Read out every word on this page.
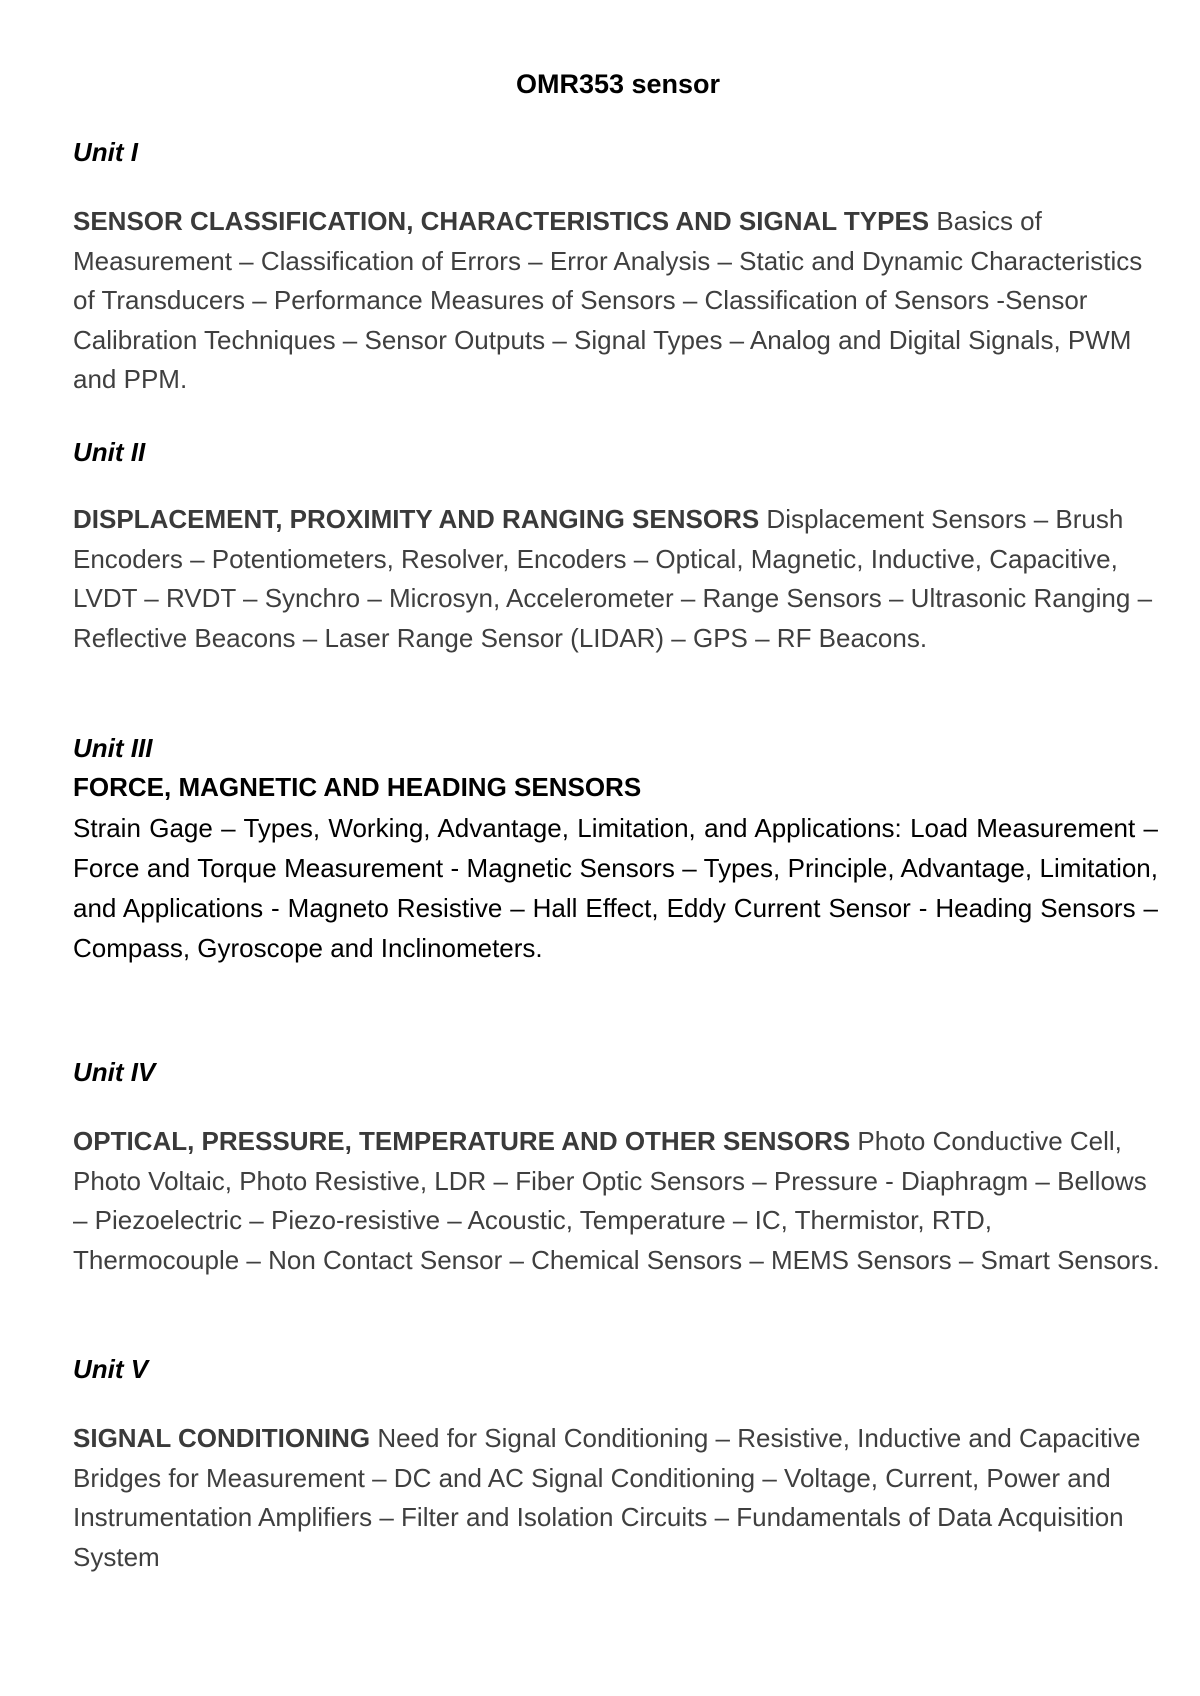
OMR353 sensor
Unit I

SENSOR CLASSIFICATION, CHARACTERISTICS AND SIGNAL TYPES Basics of Measurement – Classification of Errors – Error Analysis – Static and Dynamic Characteristics of Transducers – Performance Measures of Sensors – Classification of Sensors -Sensor Calibration Techniques – Sensor Outputs – Signal Types – Analog and Digital Signals, PWM and PPM.

Unit II

DISPLACEMENT, PROXIMITY AND RANGING SENSORS Displacement Sensors – Brush Encoders – Potentiometers, Resolver, Encoders – Optical, Magnetic, Inductive, Capacitive, LVDT – RVDT – Synchro – Microsyn, Accelerometer – Range Sensors – Ultrasonic Ranging – Reflective Beacons – Laser Range Sensor (LIDAR) – GPS – RF Beacons.

Unit III
FORCE, MAGNETIC AND HEADING SENSORS

Strain Gage – Types, Working, Advantage, Limitation, and Applications: Load Measurement – Force and Torque Measurement - Magnetic Sensors – Types, Principle, Advantage, Limitation, and Applications - Magneto Resistive – Hall Effect, Eddy Current Sensor - Heading Sensors – Compass, Gyroscope and Inclinometers.

Unit IV

OPTICAL, PRESSURE, TEMPERATURE AND OTHER SENSORS Photo Conductive Cell, Photo Voltaic, Photo Resistive, LDR – Fiber Optic Sensors – Pressure - Diaphragm – Bellows – Piezoelectric – Piezo-resistive – Acoustic, Temperature – IC, Thermistor, RTD, Thermocouple – Non Contact Sensor – Chemical Sensors – MEMS Sensors – Smart Sensors.

Unit V

SIGNAL CONDITIONING Need for Signal Conditioning – Resistive, Inductive and Capacitive Bridges for Measurement – DC and AC Signal Conditioning – Voltage, Current, Power and Instrumentation Amplifiers – Filter and Isolation Circuits – Fundamentals of Data Acquisition System
